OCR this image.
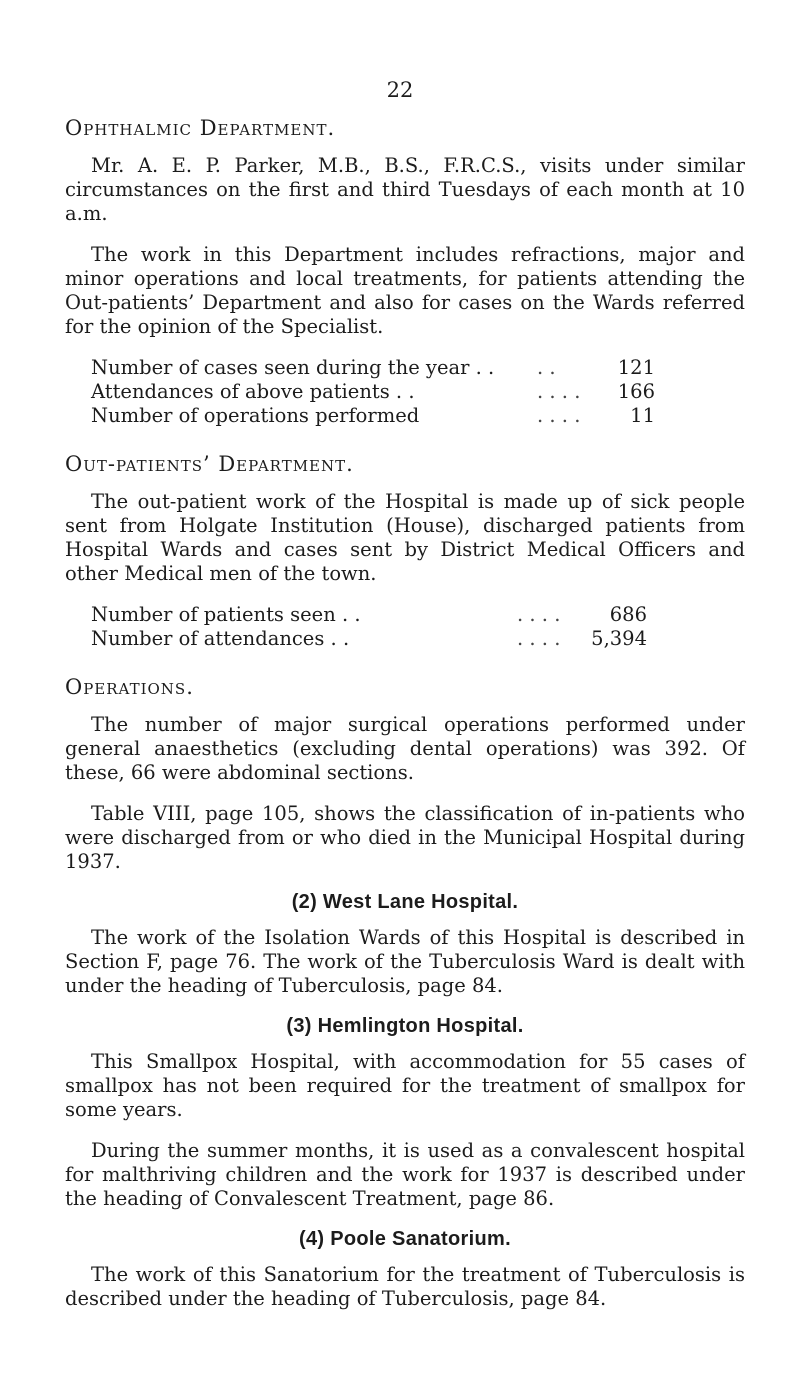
22
Ophthalmic Department.

Mr. A. E. P. Parker, M.B., B.S., F.R.C.S., visits under similar circumstances on the first and third Tuesdays of each month at 10 a.m.

The work in this Department includes refractions, major and minor operations and local treatments, for patients attending the Out-patients’ Department and also for cases on the Wards referred for the opinion of the Specialist.

Number of cases seen during the year . .	. .	121
Attendances of above patients . .	. . . .	166
Number of operations performed	. . . .	11
Out-patients’ Department.

The out-patient work of the Hospital is made up of sick people sent from Holgate Institution (House), discharged patients from Hospital Wards and cases sent by District Medical Officers and other Medical men of the town.

Number of patients seen . .	. . . .	686
Number of attendances . .	. . . .	5,394
Operations.

The number of major surgical operations performed under general anaesthetics (excluding dental operations) was 392. Of these, 66 were abdominal sections.

Table VIII, page 105, shows the classification of in-patients who were discharged from or who died in the Municipal Hospital during 1937.

(2) West Lane Hospital.

The work of the Isolation Wards of this Hospital is described in Section F, page 76. The work of the Tuberculosis Ward is dealt with under the heading of Tuberculosis, page 84.

(3) Hemlington Hospital.

This Smallpox Hospital, with accommodation for 55 cases of smallpox has not been required for the treatment of smallpox for some years.

During the summer months, it is used as a convalescent hospital for malthriving children and the work for 1937 is described under the heading of Convalescent Treatment, page 86.

(4) Poole Sanatorium.

The work of this Sanatorium for the treatment of Tuberculosis is described under the heading of Tuberculosis, page 84.
